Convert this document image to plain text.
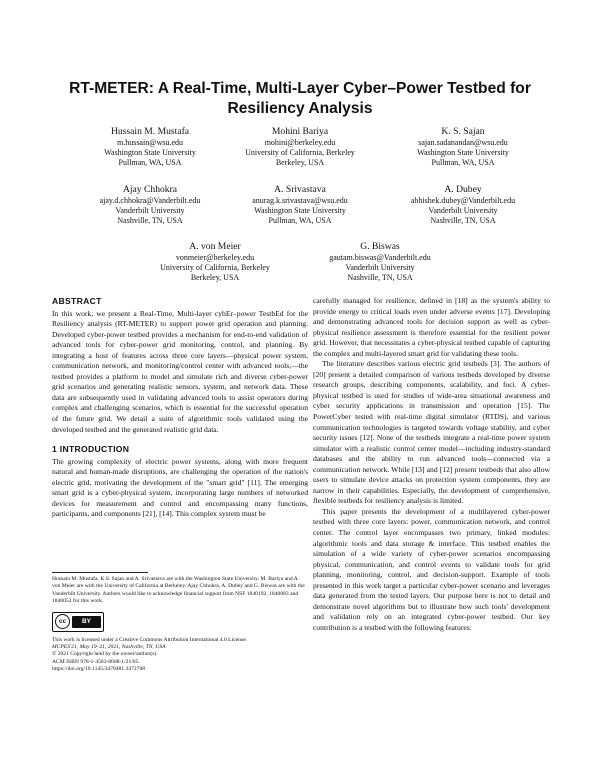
RT-METER: A Real-Time, Multi-Layer Cyber–Power Testbed for Resiliency Analysis
Hussain M. Mustafa
m.hussain@wsu.edu
Washington State University
Pullman, WA, USA
Mohini Bariya
mohini@berkeley.edu
University of California, Berkeley
Berkeley, USA
K. S. Sajan
sajan.sadanandan@wsu.edu
Washington State University
Pullman, WA, USA
Ajay Chhokra
ajay.d.chhokra@Vanderbilt.edu
Vanderbilt University
Nashville, TN, USA
A. Srivastava
anurag.k.srivastava@wsu.edu
Washington State University
Pullman, WA, USA
A. Dubey
abhishek.dubey@Vanderbilt.edu
Vanderbilt University
Nashville, TN, USA
A. von Meier
vonmeier@berkeley.edu
University of California, Berkeley
Berkeley, USA
G. Biswas
gautam.biswas@Vanderbilt.edu
Vanderbilt University
Nashville, TN, USA
ABSTRACT

In this work, we present a Real-Time, Multi-layer cybEr–power TestbEd for the Resiliency analysis (RT-METER) to support power grid operation and planning. Developed cyber-power testbed provides a mechanism for end-to-end validation of advanced tools for cyber-power grid monitoring, control, and planning. By integrating a host of features across three core layers—physical power system, communication network, and monitoring/control center with advanced tools,—the testbed provides a platform to model and simulate rich and diverse cyber-power grid scenarios and generating realistic sensors, system, and network data. These data are subsequently used in validating advanced tools to assist operators during complex and challenging scenarios, which is essential for the successful operation of the future grid. We detail a suite of algorithmic tools validated using the developed testbed and the generated realistic grid data.

1 INTRODUCTION

The growing complexity of electric power systems, along with more frequent natural and human-made disruptions, are challenging the operation of the nation's electric grid, motivating the development of the "smart grid" [11]. The emerging smart grid is a cyber-physical system, incorporating large numbers of networked devices for measurement and control and encompassing many functions, participants, and components [21], [14]. This complex system must be

Hussain M. Mustafa, K.S. Sajan and A. Srivastava are with the Washington State University. M. Bariya and A. von Meier are with the University of California at Berkeley. Ajay Chhokra, A. Dubey and G. Biswas are with the Vanderbilt University. Authors would like to acknowledge financial support from NSF 1840192, 1840083 and 1840052 for this work.
cc	BY
This work is licensed under a Creative Commons Attribution International 4.0 License.
MCPES'21, May 19–21, 2021, Nashville, TN, USA
© 2021 Copyright held by the owner/author(s).
ACM ISBN 978-1-4503-8608-1/21/05.
https://doi.org/10.1145/3470481.3472708

carefully managed for resilience, defined in [18] as the system's ability to provide energy to critical loads even under adverse events [17]. Developing and demonstrating advanced tools for decision support as well as cyber-physical resilience assessment is therefore essential for the resilient power grid. However, that necessitates a cyber-physical testbed capable of capturing the complex and multi-layered smart grid for validating these tools.

The literature describes various electric grid testbeds [3]. The authors of [20] present a detailed comparison of various testbeds developed by diverse research groups, describing components, scalability, and foci. A cyber-physical testbed is used for studies of wide-area situational awareness and cyber security applications in transmission and operation [15]. The PowerCyber tested with real-time digital simulator (RTDS), and various communication technologies is targeted towards voltage stability, and cyber security issues [12]. None of the testbeds integrate a real-time power system simulator with a realistic control center model—including industry-standard databases and the ability to run advanced tools—connected via a communication network. While [13] and [12] present testbeds that also allow users to simulate device attacks on protection system components, they are narrow in their capabilities. Especially, the development of comprehensive, flexible testbeds for resiliency analysis is limited.

This paper presents the development of a multilayered cyber-power testbed with three core layers: power, communication network, and control center. The control layer encompasses two primary, linked modules: algorithmic tools and data storage & interface. This testbed enables the simulation of a wide variety of cyber-power scenarios encompassing physical, communication, and control events to validate tools for grid planning, monitoring, control, and decision-support. Example of tools presented in this work target a particular cyber-power scenario and leverages data generated from the tested layers. Our purpose here is not to detail and demonstrate novel algorithms but to illustrate how such tools' development and validation rely on an integrated cyber-power testbed. Our key contribution is a testbed with the following features:
